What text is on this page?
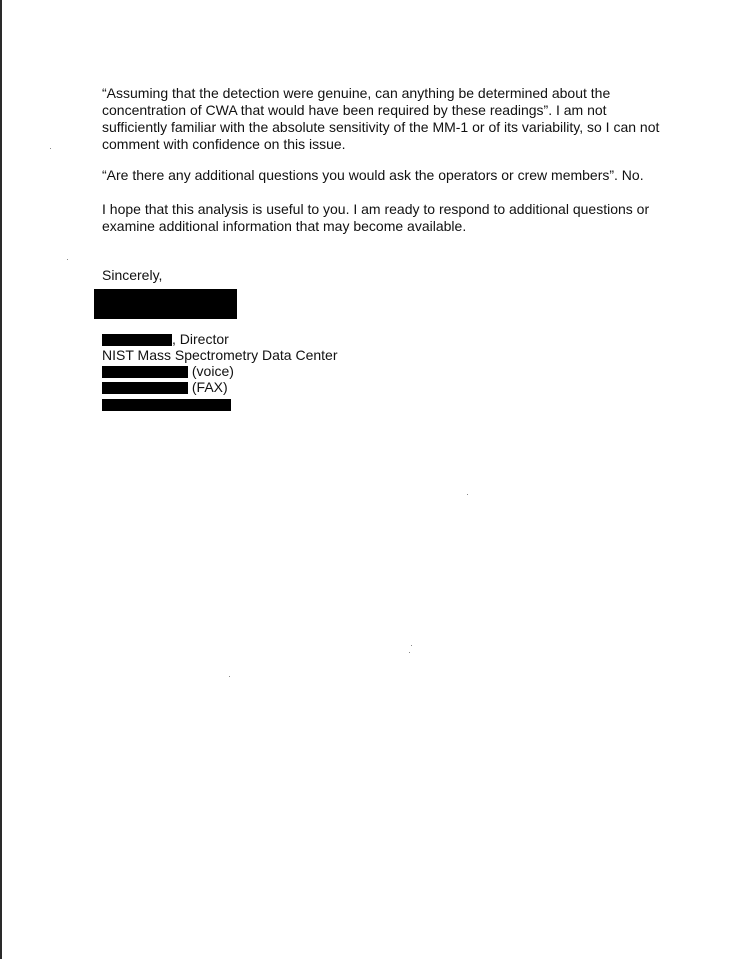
“Assuming that the detection were genuine, can anything be determined about the concentration of CWA that would have been required by these readings”. I am not sufficiently familiar with the absolute sensitivity of the MM-1 or of its variability, so I can not comment with confidence on this issue.

“Are there any additional questions you would ask the operators or crew members”. No.

I hope that this analysis is useful to you. I am ready to respond to additional questions or examine additional information that may become available.

Sincerely,

, Director
NIST Mass Spectrometry Data Center
(voice)
(FAX)
